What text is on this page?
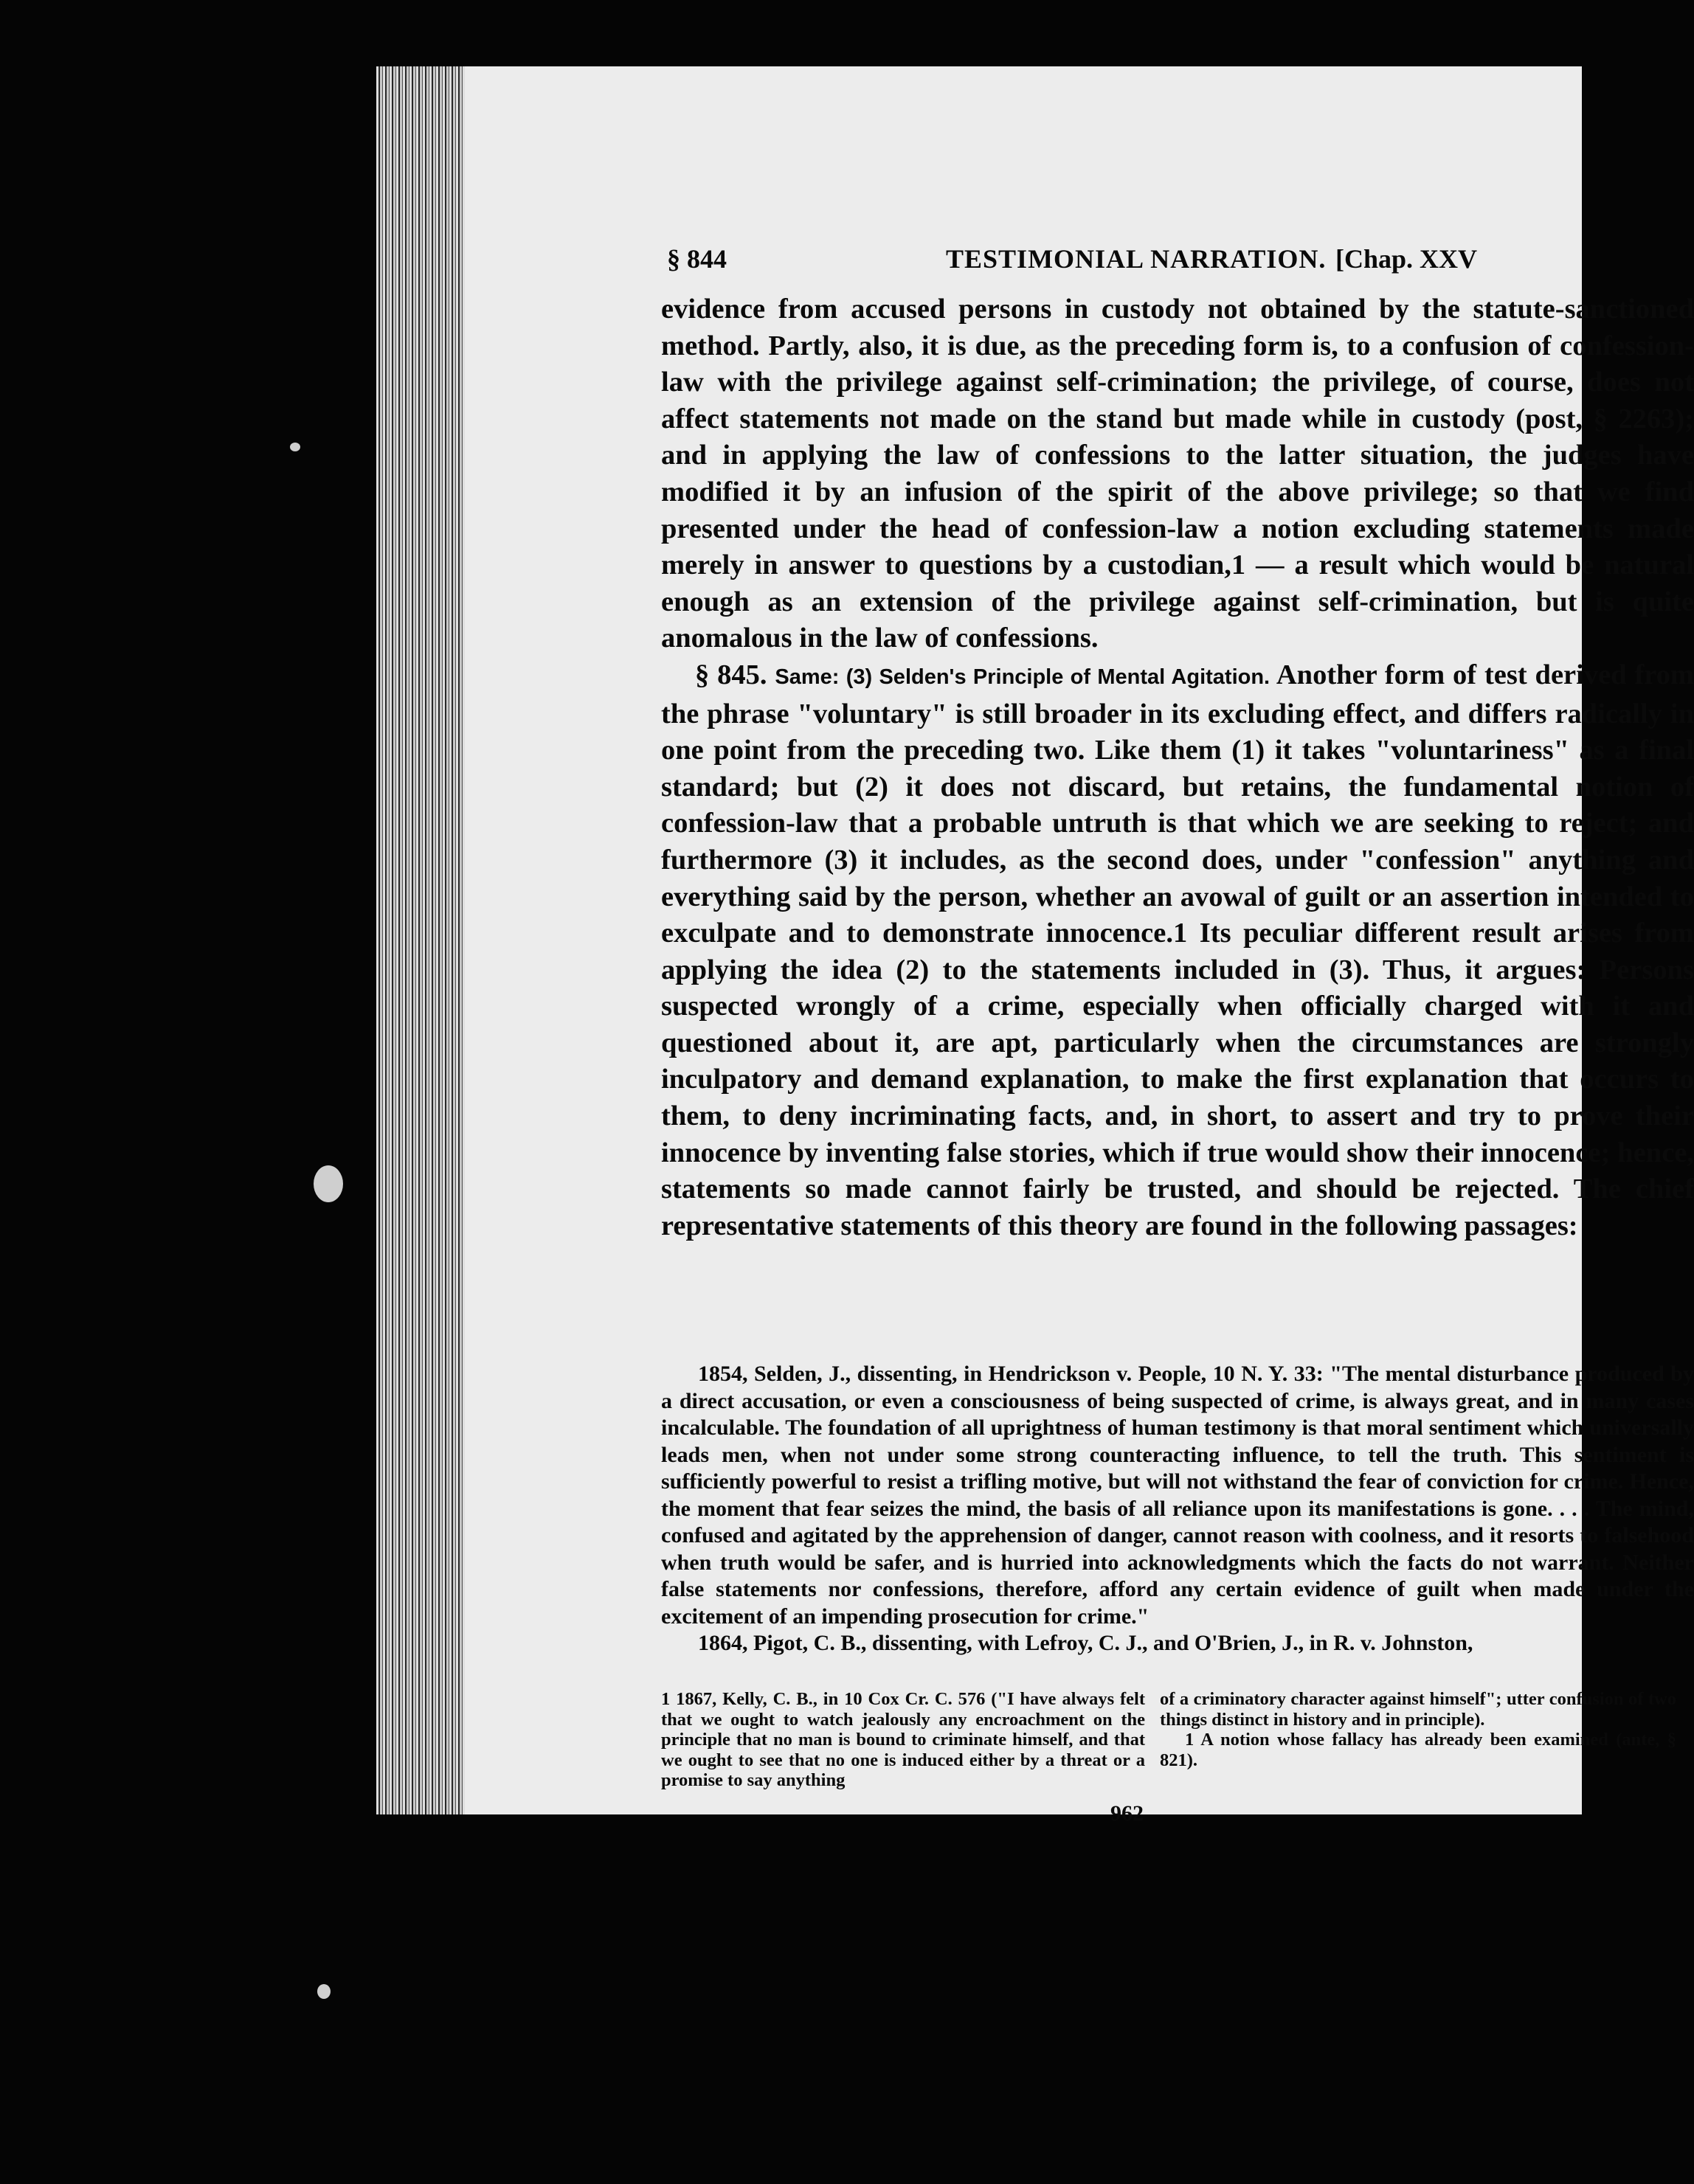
§ 844	TESTIMONIAL NARRATION. [Chap. XXV

evidence from accused persons in custody not obtained by the statute-sanctioned method. Partly, also, it is due, as the preceding form is, to a confusion of confession-law with the privilege against self-crimination; the privilege, of course, does not affect statements not made on the stand but made while in custody (post, § 2263); and in applying the law of confessions to the latter situation, the judges have modified it by an infusion of the spirit of the above privilege; so that we find presented under the head of confession-law a notion excluding statements made merely in answer to questions by a custodian,1 — a result which would be natural enough as an extension of the privilege against self-crimination, but is quite anomalous in the law of confessions.

§ 845. Same: (3) Selden's Principle of Mental Agitation. Another form of test derived from the phrase "voluntary" is still broader in its excluding effect, and differs radically in one point from the preceding two. Like them (1) it takes "voluntariness" as a final standard; but (2) it does not discard, but retains, the fundamental notion of confession-law that a probable untruth is that which we are seeking to reject; and furthermore (3) it includes, as the second does, under "confession" anything and everything said by the person, whether an avowal of guilt or an assertion intended to exculpate and to demonstrate innocence.1 Its peculiar different result arises from applying the idea (2) to the statements included in (3). Thus, it argues: Persons suspected wrongly of a crime, especially when officially charged with it and questioned about it, are apt, particularly when the circumstances are strongly inculpatory and demand explanation, to make the first explanation that occurs to them, to deny incriminating facts, and, in short, to assert and try to prove their innocence by inventing false stories, which if true would show their innocence; hence, statements so made cannot fairly be trusted, and should be rejected. The chief representative statements of this theory are found in the following passages:

1854, Selden, J., dissenting, in Hendrickson v. People, 10 N. Y. 33: "The mental disturbance produced by a direct accusation, or even a consciousness of being suspected of crime, is always great, and in many cases incalculable. The foundation of all uprightness of human testimony is that moral sentiment which universally leads men, when not under some strong counteracting influence, to tell the truth. This sentiment is sufficiently powerful to resist a trifling motive, but will not withstand the fear of conviction for crime. Hence, the moment that fear seizes the mind, the basis of all reliance upon its manifestations is gone. . . . The mind, confused and agitated by the apprehension of danger, cannot reason with coolness, and it resorts to falsehood when truth would be safer, and is hurried into acknowledgments which the facts do not warrant. Neither false statements nor confessions, therefore, afford any certain evidence of guilt when made under the excitement of an impending prosecution for crime."

1864, Pigot, C. B., dissenting, with Lefroy, C. J., and O'Brien, J., in R. v. Johnston,

1 1867, Kelly, C. B., in 10 Cox Cr. C. 576 ("I have always felt that we ought to watch jealously any encroachment on the principle that no man is bound to criminate himself, and that we ought to see that no one is induced either by a threat or a promise to say anything

of a criminatory character against himself"; utter confusion of two things distinct in history and in principle).

1 A notion whose fallacy has already been examined (ante, § 821).

962
